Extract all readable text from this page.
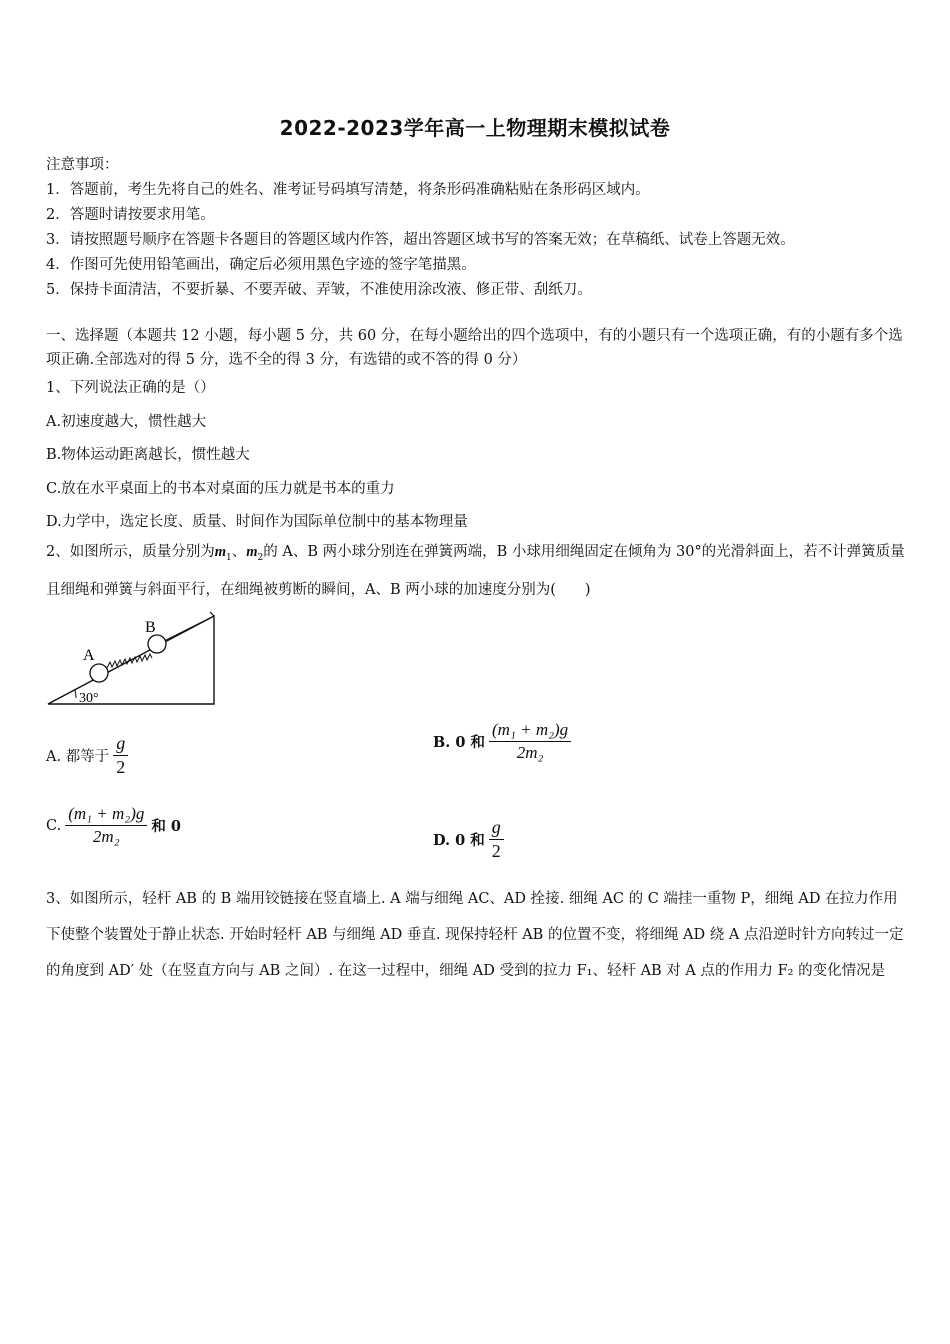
2022-2023学年高一上物理期末模拟试卷
注意事项：
1．答题前，考生先将自己的姓名、准考证号码填写清楚，将条形码准确粘贴在条形码区域内。
2．答题时请按要求用笔。
3．请按照题号顺序在答题卡各题目的答题区域内作答，超出答题区域书写的答案无效；在草稿纸、试卷上答题无效。
4．作图可先使用铅笔画出，确定后必须用黑色字迹的签字笔描黑。
5．保持卡面清洁，不要折暴、不要弄破、弄皱，不准使用涂改液、修正带、刮纸刀。
一、选择题（本题共 12 小题，每小题 5 分，共 60 分，在每小题给出的四个选项中，有的小题只有一个选项正确，有的小题有多个选项正确.全部选对的得 5 分，选不全的得 3 分，有选错的或不答的得 0 分）
1、下列说法正确的是（）
A.初速度越大，惯性越大
B.物体运动距离越长，惯性越大
C.放在水平桌面上的书本对桌面的压力就是书本的重力
D.力学中，选定长度、质量、时间作为国际单位制中的基本物理量
2、如图所示，质量分别为$m_1$、$m_2$的 A、B 两小球分别连在弹簧两端，B 小球用细绳固定在倾角为 30°的光滑斜面上，若不计弹簧质量且细绳和弹簧与斜面平行，在细绳被剪断的瞬间，A、B 两小球的加速度分别为(　　)
A
B
30°
A. 都等于 $\frac{g}{2}$	B. 0 和 $\frac{\text{(m₁ + m₂)g}}{\text{2m₂}}$
C. $\frac{\text{(m₁ + m₂)g}}{\text{2m₂}}$ 和 0
D. 0 和 $\frac{g}{2}$
3、如图所示，轻杆 AB 的 B 端用铰链接在竖直墙上. A 端与细绳 AC、AD 拴接. 细绳 AC 的 C 端挂一重物 P，细绳 AD 在拉力作用下使整个装置处于静止状态. 开始时轻杆 AB 与细绳 AD 垂直. 现保持轻杆 AB 的位置不变，将细绳 AD 绕 A 点沿逆时针方向转过一定的角度到 AD′ 处（在竖直方向与 AB 之间）. 在这一过程中，细绳 AD 受到的拉力 F₁、轻杆 AB 对 A 点的作用力 F₂ 的变化情况是
